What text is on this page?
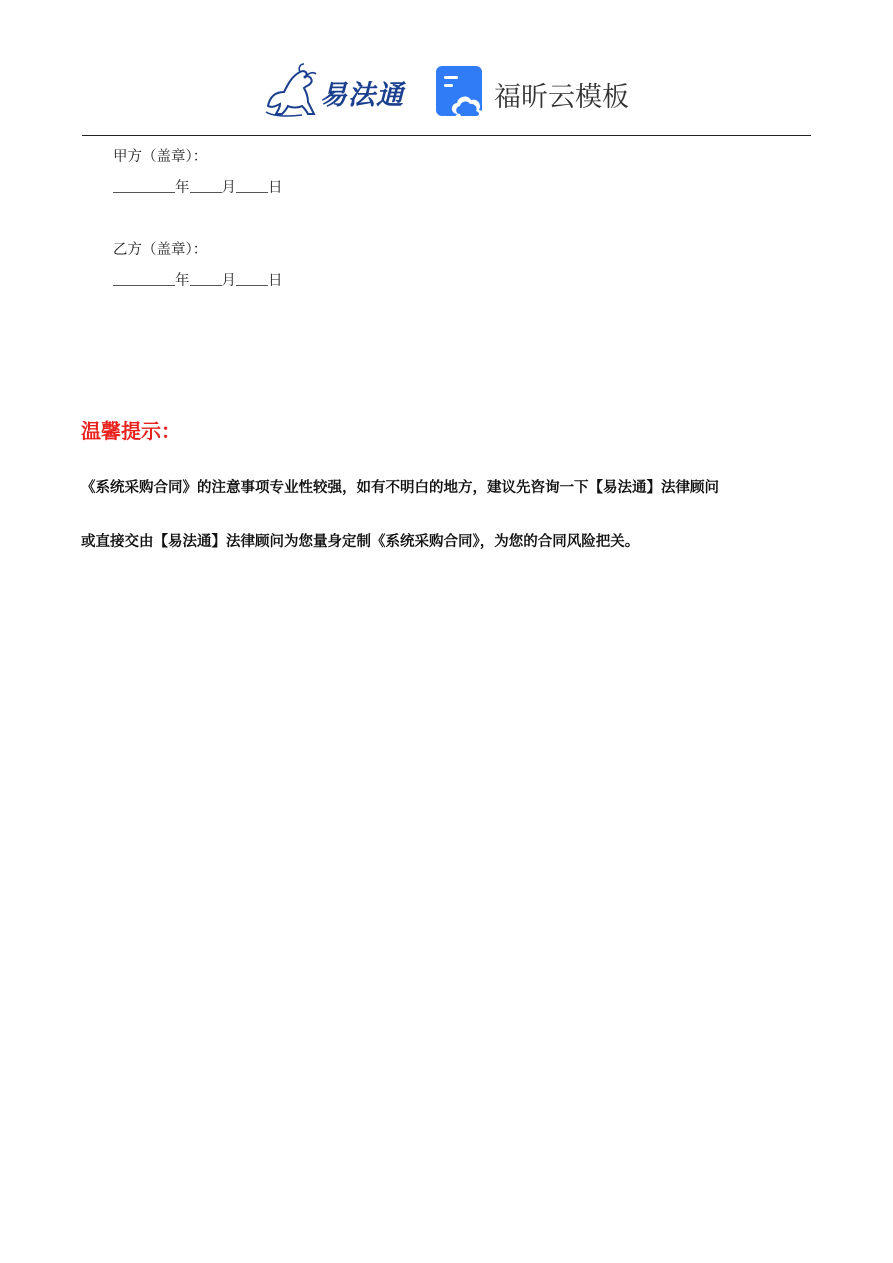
易法通	福昕云模板
甲方（盖章）：
年 月 日
乙方（盖章）：
年 月 日
温馨提示：
《系统采购合同》的注意事项专业性较强，如有不明白的地方，建议先咨询一下【易法通】法律顾问
或直接交由【易法通】法律顾问为您量身定制《系统采购合同》，为您的合同风险把关。
